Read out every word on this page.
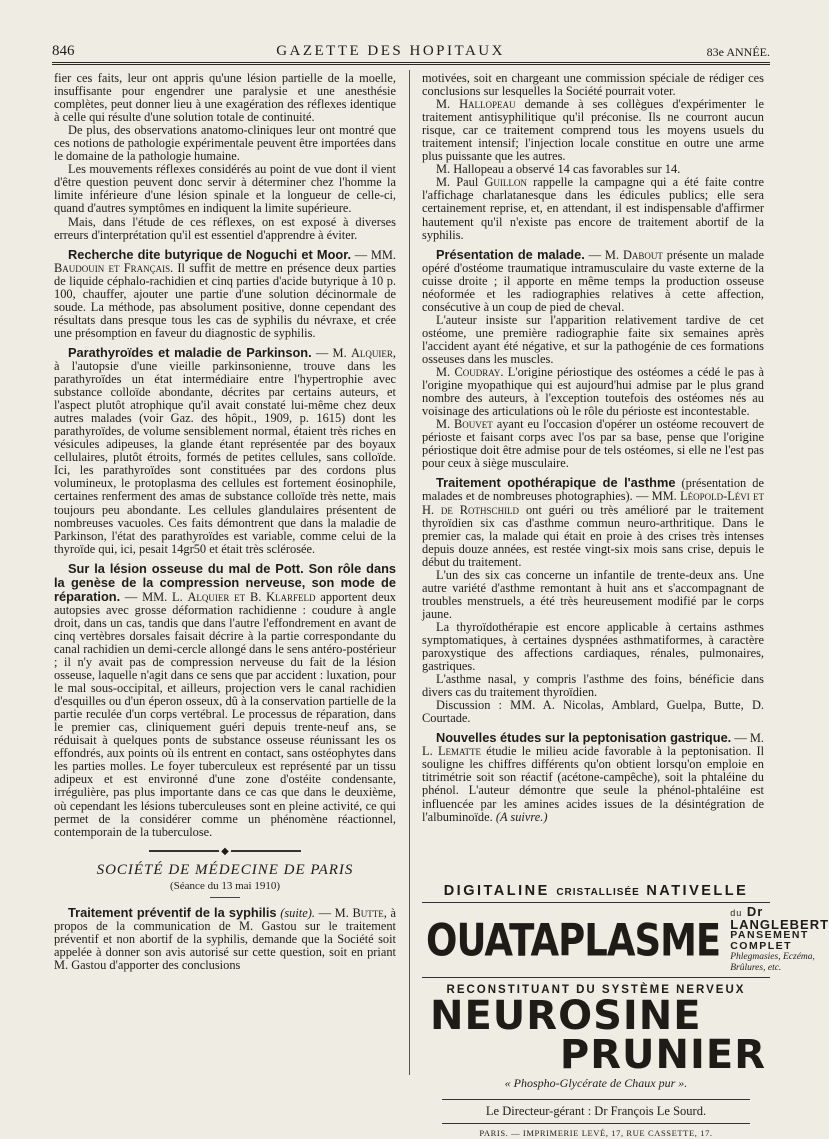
846	GAZETTE DES HOPITAUX	83e ANNÉE.

fier ces faits, leur ont appris qu'une lésion partielle de la moelle, insuffisante pour engendrer une paralysie et une anesthésie complètes, peut donner lieu à une exagération des réflexes identique à celle qui résulte d'une solution totale de continuité.

De plus, des observations anatomo-cliniques leur ont montré que ces notions de pathologie expérimentale peuvent être importées dans le domaine de la pathologie humaine.

Les mouvements réflexes considérés au point de vue dont il vient d'être question peuvent donc servir à déterminer chez l'homme la limite inférieure d'une lésion spinale et la longueur de celle-ci, quand d'autres symptômes en indiquent la limite supérieure.

Mais, dans l'étude de ces réflexes, on est exposé à diverses erreurs d'interprétation qu'il est essentiel d'apprendre à éviter.

Recherche dite butyrique de Noguchi et Moor. — MM. Baudouin et Français. Il suffit de mettre en présence deux parties de liquide céphalo-rachidien et cinq parties d'acide butyrique à 10 p. 100, chauffer, ajouter une partie d'une solution décinormale de soude. La méthode, pas absolument positive, donne cependant des résultats dans presque tous les cas de syphilis du névraxe, et crée une présomption en faveur du diagnostic de syphilis.

Parathyroïdes et maladie de Parkinson. — M. Alquier, à l'autopsie d'une vieille parkinsonienne, trouve dans les parathyroïdes un état intermédiaire entre l'hypertrophie avec substance colloïde abondante, décrites par certains auteurs, et l'aspect plutôt atrophique qu'il avait constaté lui-même chez deux autres malades (voir Gaz. des hôpit., 1909, p. 1615) dont les parathyroïdes, de volume sensiblement normal, étaient très riches en vésicules adipeuses, la glande étant représentée par des boyaux cellulaires, plutôt étroits, formés de petites cellules, sans colloïde. Ici, les parathyroïdes sont constituées par des cordons plus volumineux, le protoplasma des cellules est fortement éosinophile, certaines renferment des amas de substance colloïde très nette, mais toujours peu abondante. Les cellules glandulaires présentent de nombreuses vacuoles. Ces faits démontrent que dans la maladie de Parkinson, l'état des parathyroïdes est variable, comme celui de la thyroïde qui, ici, pesait 14gr50 et était très sclérosée.

Sur la lésion osseuse du mal de Pott. Son rôle dans la genèse de la compression nerveuse, son mode de réparation. — MM. L. Alquier et B. Klarfeld apportent deux autopsies avec grosse déformation rachidienne : coudure à angle droit, dans un cas, tandis que dans l'autre l'effondrement en avant de cinq vertèbres dorsales faisait décrire à la partie correspondante du canal rachidien un demi-cercle allongé dans le sens antéro-postérieur ; il n'y avait pas de compression nerveuse du fait de la lésion osseuse, laquelle n'agit dans ce sens que par accident : luxation, pour le mal sous-occipital, et ailleurs, projection vers le canal rachidien d'esquilles ou d'un éperon osseux, dû à la conservation partielle de la partie reculée d'un corps vertébral. Le processus de réparation, dans le premier cas, cliniquement guéri depuis trente-neuf ans, se réduisait à quelques ponts de substance osseuse réunissant les os effondrés, aux points où ils entrent en contact, sans ostéophytes dans les parties molles. Le foyer tuberculeux est représenté par un tissu adipeux et est environné d'une zone d'ostéite condensante, irrégulière, pas plus importante dans ce cas que dans le deuxième, où cependant les lésions tuberculeuses sont en pleine activité, ce qui permet de la considérer comme un phénomène réactionnel, contemporain de la tuberculose.

◆
SOCIÉTÉ DE MÉDECINE DE PARIS
(Séance du 13 mai 1910)

Traitement préventif de la syphilis (suite). — M. Butte, à propos de la communication de M. Gastou sur le traitement préventif et non abortif de la syphilis, demande que la Société soit appelée à donner son avis autorisé sur cette question, soit en priant M. Gastou d'apporter des conclusions

motivées, soit en chargeant une commission spéciale de rédiger ces conclusions sur lesquelles la Société pourrait voter.

M. Hallopeau demande à ses collègues d'expérimenter le traitement antisyphilitique qu'il préconise. Ils ne courront aucun risque, car ce traitement comprend tous les moyens usuels du traitement intensif; l'injection locale constitue en outre une arme plus puissante que les autres.

M. Hallopeau a observé 14 cas favorables sur 14.

M. Paul Guillon rappelle la campagne qui a été faite contre l'affichage charlatanesque dans les édicules publics; elle sera certainement reprise, et, en attendant, il est indispensable d'affirmer hautement qu'il n'existe pas encore de traitement abortif de la syphilis.

Présentation de malade. — M. Dabout présente un malade opéré d'ostéome traumatique intramusculaire du vaste externe de la cuisse droite ; il apporte en même temps la production osseuse néoformée et les radiographies relatives à cette affection, consécutive à un coup de pied de cheval.

L'auteur insiste sur l'apparition relativement tardive de cet ostéome, une première radiographie faite six semaines après l'accident ayant été négative, et sur la pathogénie de ces formations osseuses dans les muscles.

M. Coudray. L'origine périostique des ostéomes a cédé le pas à l'origine myopathique qui est aujourd'hui admise par le plus grand nombre des auteurs, à l'exception toutefois des ostéomes nés au voisinage des articulations où le rôle du périoste est incontestable.

M. Bouvet ayant eu l'occasion d'opérer un ostéome recouvert de périoste et faisant corps avec l'os par sa base, pense que l'origine périostique doit être admise pour de tels ostéomes, si elle ne l'est pas pour ceux à siège musculaire.

Traitement opothérapique de l'asthme (présentation de malades et de nombreuses photographies). — MM. Léopold-Lévi et H. de Rothschild ont guéri ou très amélioré par le traitement thyroïdien six cas d'asthme commun neuro-arthritique. Dans le premier cas, la malade qui était en proie à des crises très intenses depuis douze années, est restée vingt-six mois sans crise, depuis le début du traitement.

L'un des six cas concerne un infantile de trente-deux ans. Une autre variété d'asthme remontant à huit ans et s'accompagnant de troubles menstruels, a été très heureusement modifié par le corps jaune.

La thyroïdothérapie est encore applicable à certains asthmes symptomatiques, à certaines dyspnées asthmatiformes, à caractère paroxystique des affections cardiaques, rénales, pulmonaires, gastriques.

L'asthme nasal, y compris l'asthme des foins, bénéficie dans divers cas du traitement thyroïdien.

Discussion : MM. A. Nicolas, Amblard, Guelpa, Butte, D. Courtade.

Nouvelles études sur la peptonisation gastrique. — M. L. Lematte étudie le milieu acide favorable à la peptonisation. Il souligne les chiffres différents qu'on obtient lorsqu'on emploie en titrimétrie soit son réactif (acétone-campêche), soit la phtaléine du phénol. L'auteur démontre que seule la phénol-phtaléine est influencée par les amines acides issues de la désintégration de l'albuminoïde. (A suivre.)

DIGITALINE CRISTALLISÉE NATIVELLE
OUATAPLASME
du Dr LANGLEBERT
PANSEMENT COMPLET
Phlegmasies, Eczéma, Brûlures, etc.
RECONSTITUANT DU SYSTÈME NERVEUX
NEUROSINE
PRUNIER
« Phospho-Glycérate de Chaux pur ».
Le Directeur-gérant : Dr François Le Sourd.
PARIS. — IMPRIMERIE LEVÉ, 17, RUE CASSETTE, 17.
